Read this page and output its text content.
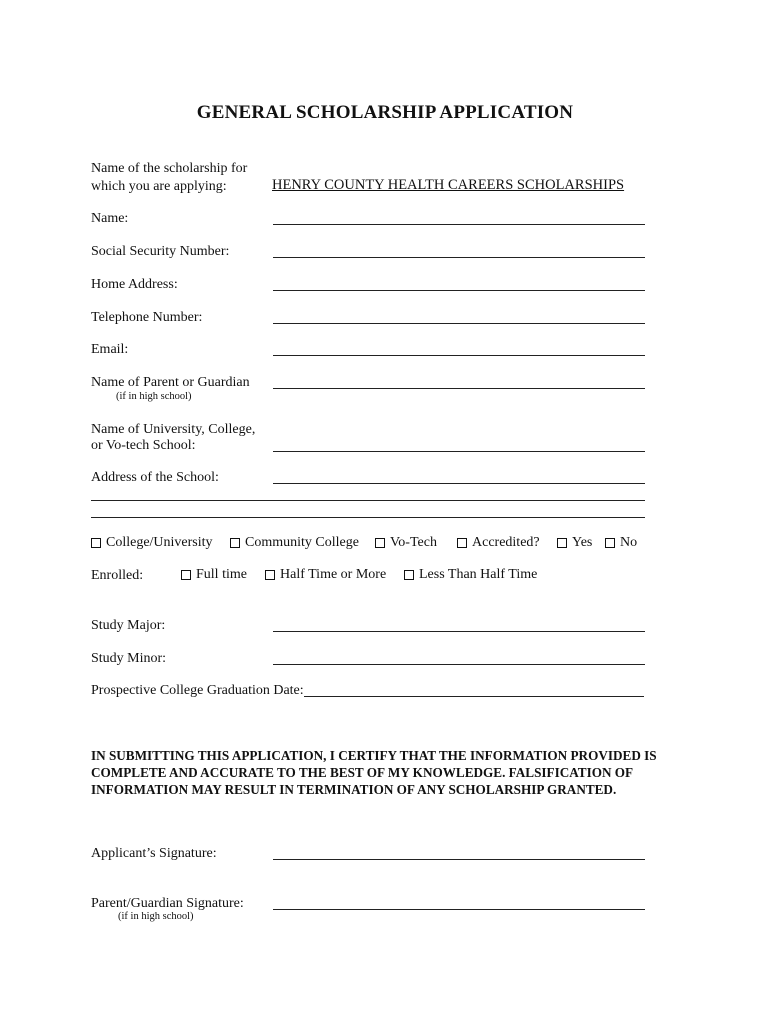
GENERAL SCHOLARSHIP APPLICATION
Name of the scholarship for
which you are applying:	HENRY COUNTY HEALTH CAREERS SCHOLARSHIPS
Name:
Social Security Number:
Home Address:
Telephone Number:
Email:
Name of Parent or Guardian
(if in high school)
Name of University, College,
or Vo-tech School:
Address of the School:
College/University Community College Vo-Tech	Accredited? Yes No
Enrolled:	Full time Half Time or More Less Than Half Time
Study Major:
Study Minor:
Prospective College Graduation Date:
IN SUBMITTING THIS APPLICATION, I CERTIFY THAT THE INFORMATION PROVIDED IS COMPLETE AND ACCURATE TO THE BEST OF MY KNOWLEDGE. FALSIFICATION OF INFORMATION MAY RESULT IN TERMINATION OF ANY SCHOLARSHIP GRANTED.
Applicant’s Signature:
Parent/Guardian Signature:
(if in high school)
